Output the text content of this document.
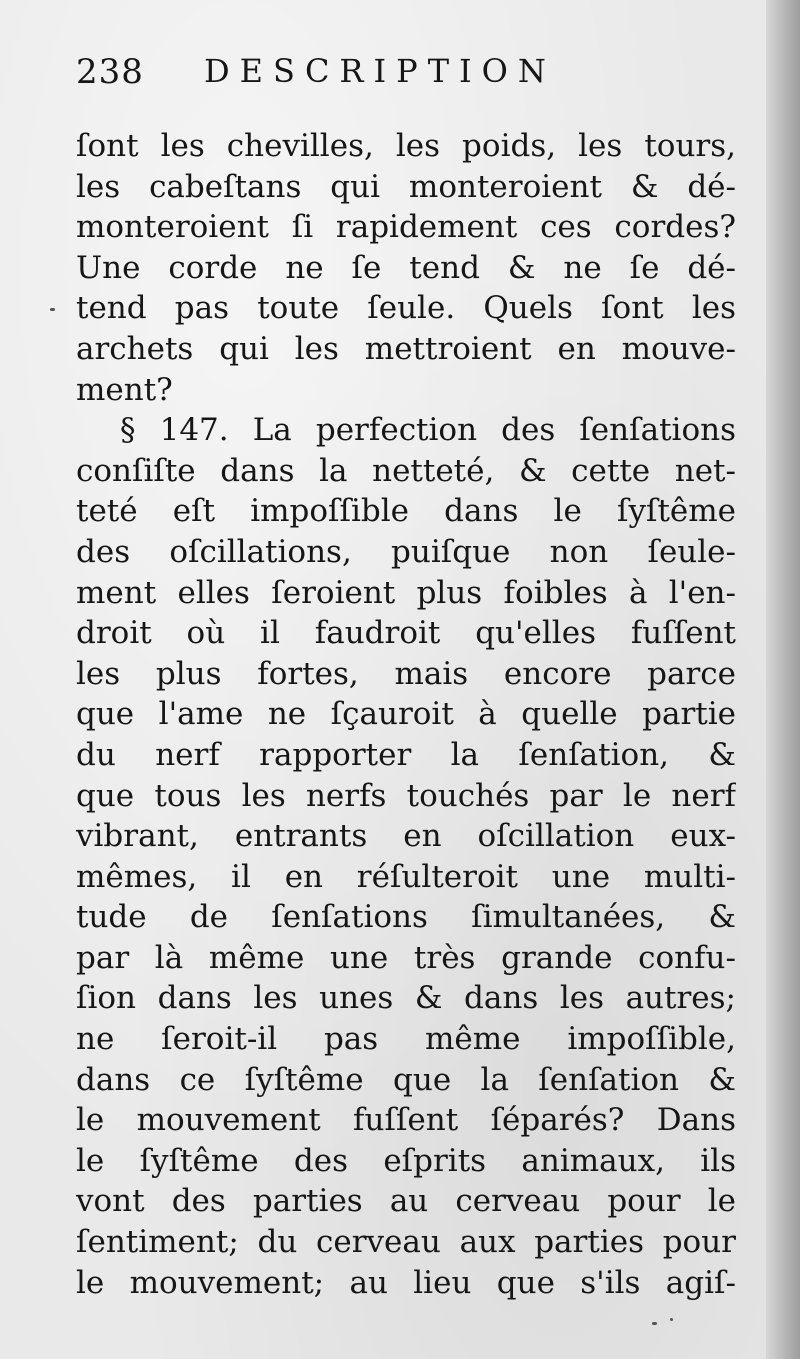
238 DESCRIPTION
ſont les chevilles, les poids, les tours,
les cabeſtans qui monteroient & dé-
monteroient ſi rapidement ces cordes?
Une corde ne ſe tend & ne ſe dé-
tend pas toute ſeule. Quels ſont les
archets qui les mettroient en mouve-
ment?
§ 147. La perfection des ſenſations
conſiſte dans la netteté, & cette net-
teté eſt impoſſible dans le ſyſtême
des oſcillations, puiſque non ſeule-
ment elles ſeroient plus foibles à l'en-
droit où il faudroit qu'elles fuſſent
les plus fortes, mais encore parce
que l'ame ne ſçauroit à quelle partie
du nerf rapporter la ſenſation, &
que tous les nerfs touchés par le nerf
vibrant, entrants en oſcillation eux-
mêmes, il en réſulteroit une multi-
tude de ſenſations ſimultanées, &
par là même une très grande confu-
ſion dans les unes & dans les autres;
ne ſeroit-il pas même impoſſible,
dans ce ſyſtême que la ſenſation &
le mouvement fuſſent ſéparés? Dans
le ſyſtême des eſprits animaux, ils
vont des parties au cerveau pour le
ſentiment; du cerveau aux parties pour
le mouvement; au lieu que s'ils agiſ-
